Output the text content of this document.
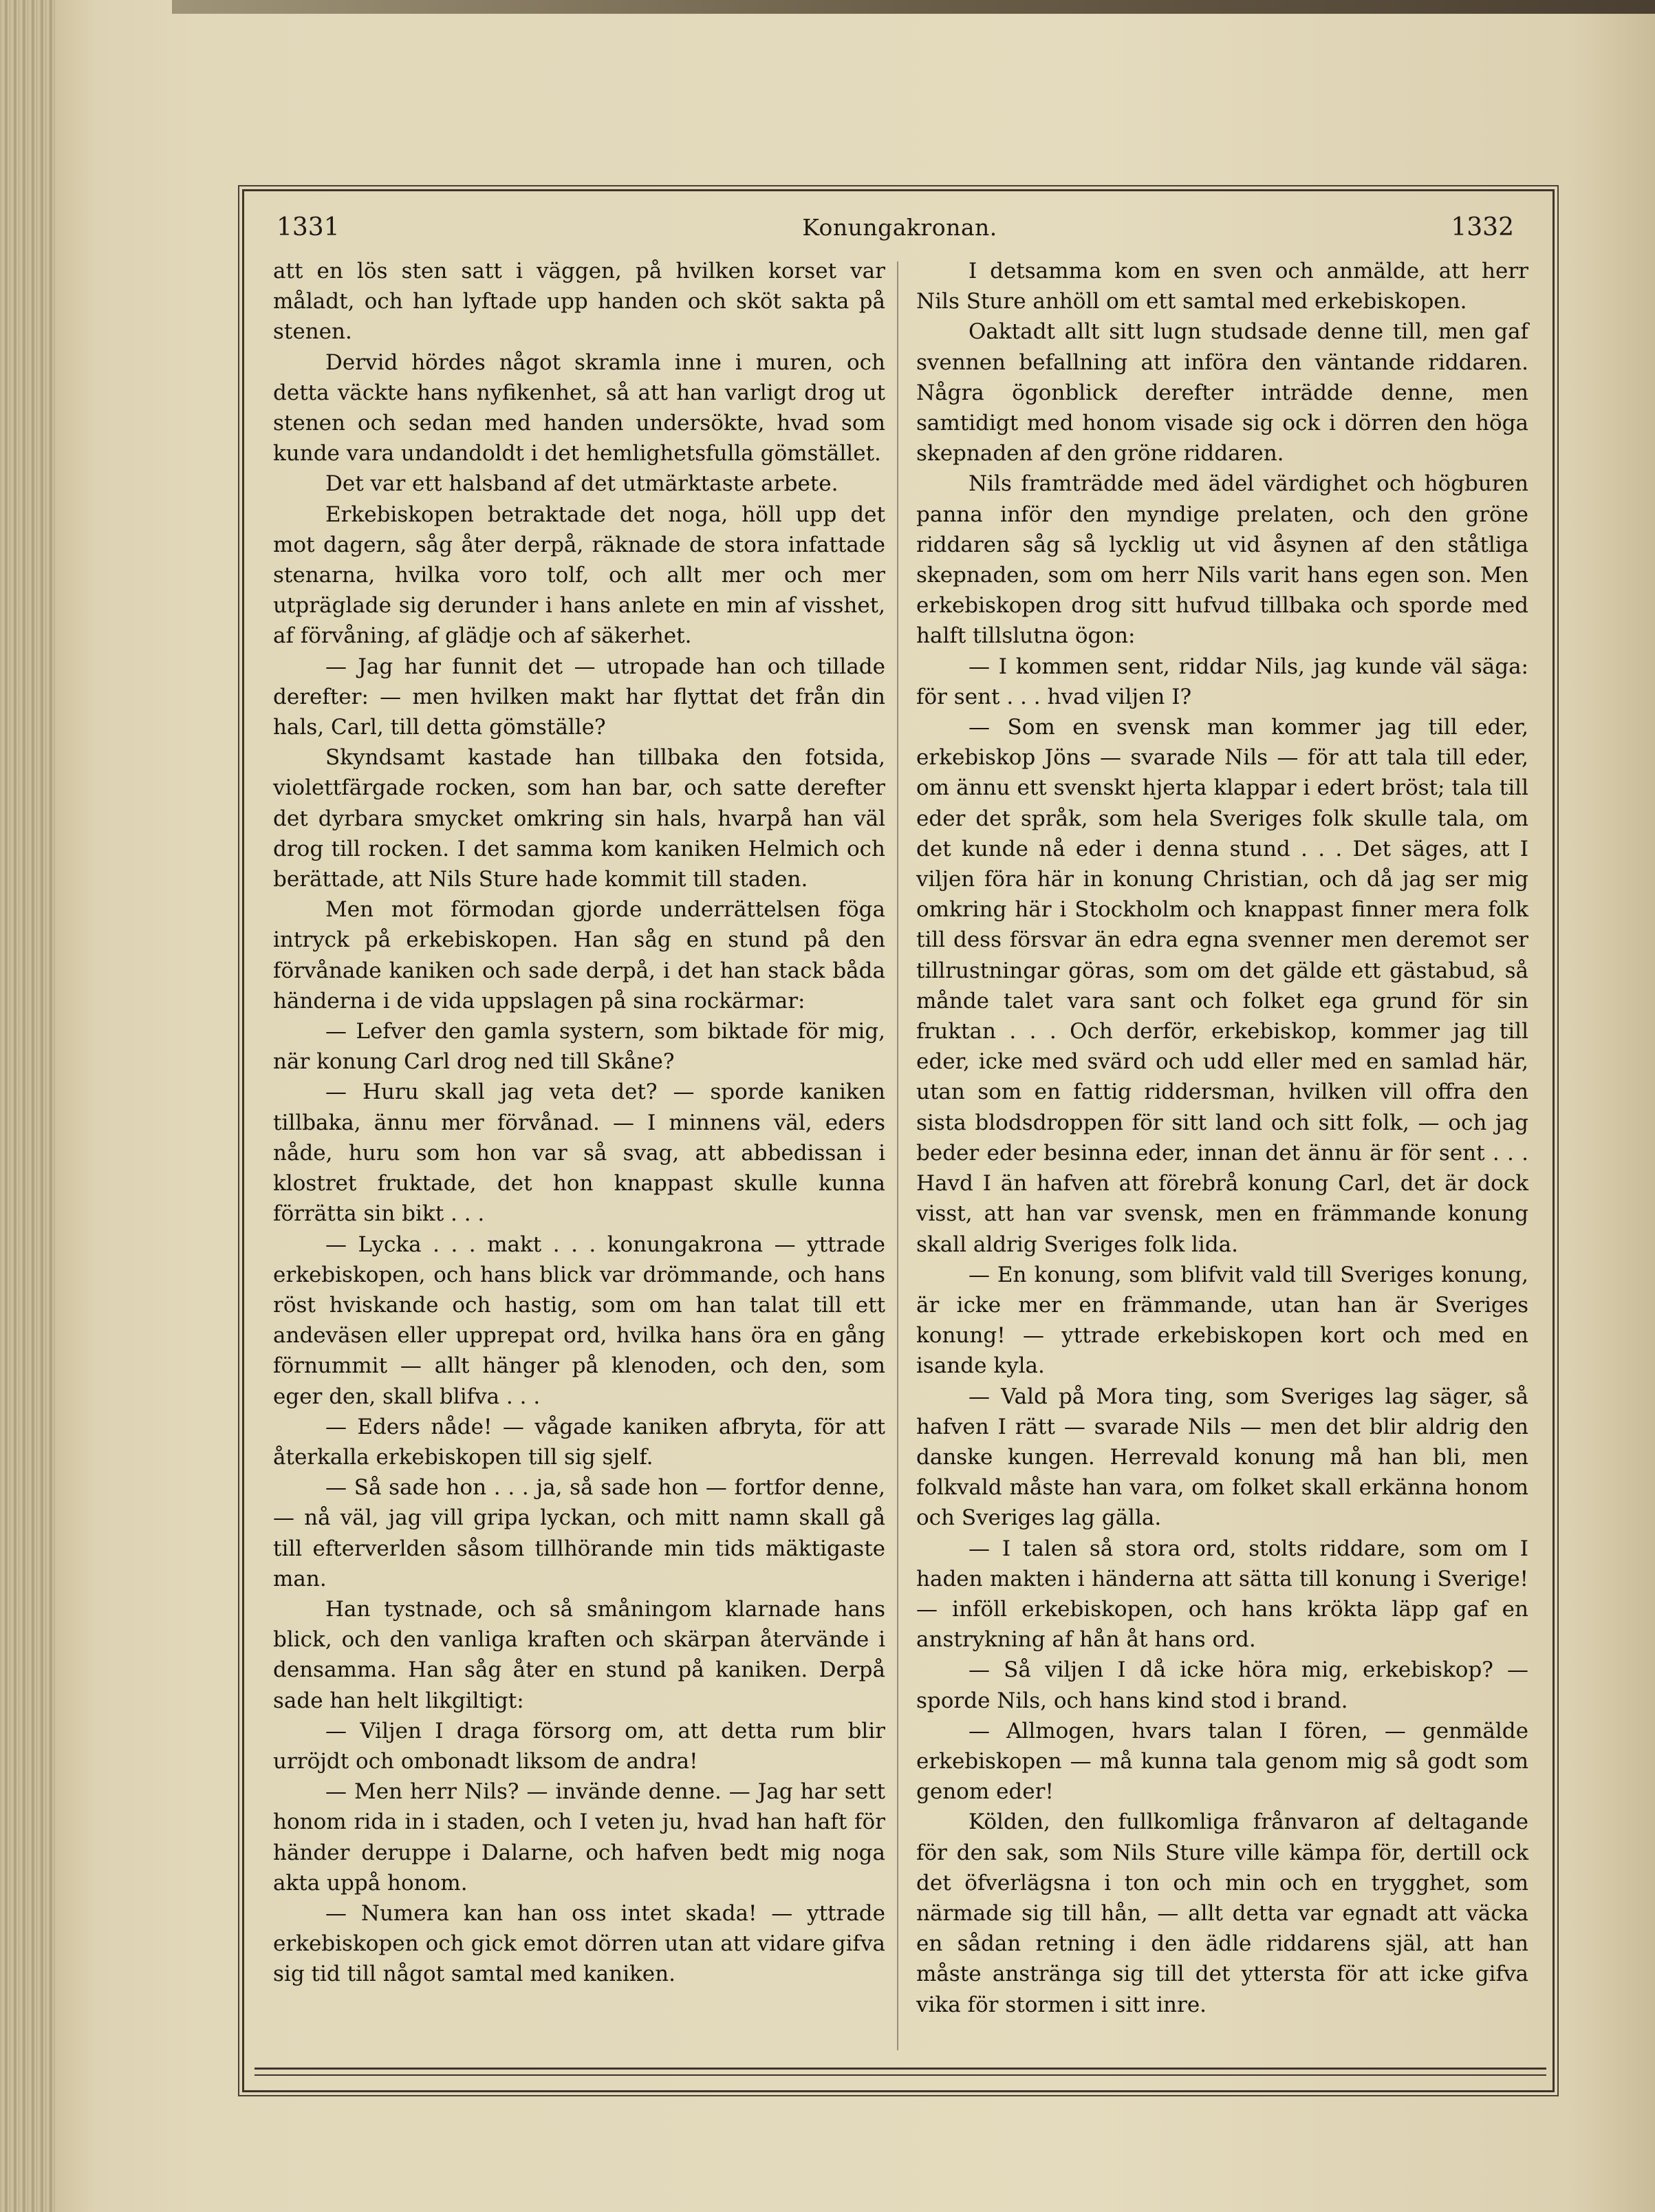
1331	Konungakronan.	1332

att en lös sten satt i väggen, på hvilken korset var måladt, och han lyftade upp handen och sköt sakta på stenen.

Dervid hördes något skramla inne i muren, och detta väckte hans nyfikenhet, så att han varligt drog ut stenen och sedan med handen undersökte, hvad som kunde vara undandoldt i det hemlighetsfulla gömstället.

Det var ett halsband af det utmärktaste arbete.

Erkebiskopen betraktade det noga, höll upp det mot dagern, såg åter derpå, räknade de stora infattade stenarna, hvilka voro tolf, och allt mer och mer utpräglade sig derunder i hans anlete en min af visshet, af förvåning, af glädje och af säkerhet.

— Jag har funnit det — utropade han och tillade derefter: — men hvilken makt har flyttat det från din hals, Carl, till detta gömställe?

Skyndsamt kastade han tillbaka den fotsida, violettfärgade rocken, som han bar, och satte derefter det dyrbara smycket omkring sin hals, hvarpå han väl drog till rocken. I det samma kom kaniken Helmich och berättade, att Nils Sture hade kommit till staden.

Men mot förmodan gjorde underrättelsen föga intryck på erkebiskopen. Han såg en stund på den förvånade kaniken och sade derpå, i det han stack båda händerna i de vida uppslagen på sina rockärmar:

— Lefver den gamla systern, som biktade för mig, när konung Carl drog ned till Skåne?

— Huru skall jag veta det? — sporde kaniken tillbaka, ännu mer förvånad. — I minnens väl, eders nåde, huru som hon var så svag, att abbedissan i klostret fruktade, det hon knappast skulle kunna förrätta sin bikt . . .

— Lycka . . . makt . . . konungakrona — yttrade erkebiskopen, och hans blick var drömmande, och hans röst hviskande och hastig, som om han talat till ett andeväsen eller upprepat ord, hvilka hans öra en gång förnummit — allt hänger på klenoden, och den, som eger den, skall blifva . . .

— Eders nåde! — vågade kaniken afbryta, för att återkalla erkebiskopen till sig sjelf.

— Så sade hon . . . ja, så sade hon — fortfor denne, — nå väl, jag vill gripa lyckan, och mitt namn skall gå till efterverlden såsom tillhörande min tids mäktigaste man.

Han tystnade, och så småningom klarnade hans blick, och den vanliga kraften och skärpan återvände i densamma. Han såg åter en stund på kaniken. Derpå sade han helt likgiltigt:

— Viljen I draga försorg om, att detta rum blir urröjdt och ombonadt liksom de andra!

— Men herr Nils? — invände denne. — Jag har sett honom rida in i staden, och I veten ju, hvad han haft för händer deruppe i Dalarne, och hafven bedt mig noga akta uppå honom.

— Numera kan han oss intet skada! — yttrade erkebiskopen och gick emot dörren utan att vidare gifva sig tid till något samtal med kaniken.

I detsamma kom en sven och anmälde, att herr Nils Sture anhöll om ett samtal med erkebiskopen.

Oaktadt allt sitt lugn studsade denne till, men gaf svennen befallning att införa den väntande riddaren. Några ögonblick derefter inträdde denne, men samtidigt med honom visade sig ock i dörren den höga skepnaden af den gröne riddaren.

Nils framträdde med ädel värdighet och högburen panna inför den myndige prelaten, och den gröne riddaren såg så lycklig ut vid åsynen af den ståtliga skepnaden, som om herr Nils varit hans egen son. Men erkebiskopen drog sitt hufvud tillbaka och sporde med halft tillslutna ögon:

— I kommen sent, riddar Nils, jag kunde väl säga: för sent . . . hvad viljen I?

— Som en svensk man kommer jag till eder, erkebiskop Jöns — svarade Nils — för att tala till eder, om ännu ett svenskt hjerta klappar i edert bröst; tala till eder det språk, som hela Sveriges folk skulle tala, om det kunde nå eder i denna stund . . . Det säges, att I viljen föra här in konung Christian, och då jag ser mig omkring här i Stockholm och knappast finner mera folk till dess försvar än edra egna svenner men deremot ser tillrustningar göras, som om det gälde ett gästabud, så månde talet vara sant och folket ega grund för sin fruktan . . . Och derför, erkebiskop, kommer jag till eder, icke med svärd och udd eller med en samlad här, utan som en fattig riddersman, hvilken vill offra den sista blodsdroppen för sitt land och sitt folk, — och jag beder eder besinna eder, innan det ännu är för sent . . . Havd I än hafven att förebrå konung Carl, det är dock visst, att han var svensk, men en främmande konung skall aldrig Sveriges folk lida.

— En konung, som blifvit vald till Sveriges konung, är icke mer en främmande, utan han är Sveriges konung! — yttrade erkebiskopen kort och med en isande kyla.

— Vald på Mora ting, som Sveriges lag säger, så hafven I rätt — svarade Nils — men det blir aldrig den danske kungen. Herrevald konung må han bli, men folkvald måste han vara, om folket skall erkänna honom och Sveriges lag gälla.

— I talen så stora ord, stolts riddare, som om I haden makten i händerna att sätta till konung i Sverige! — inföll erkebiskopen, och hans krökta läpp gaf en anstrykning af hån åt hans ord.

— Så viljen I då icke höra mig, erkebiskop? — sporde Nils, och hans kind stod i brand.

— Allmogen, hvars talan I fören, — genmälde erkebiskopen — må kunna tala genom mig så godt som genom eder!

Kölden, den fullkomliga frånvaron af deltagande för den sak, som Nils Sture ville kämpa för, dertill ock det öfverlägsna i ton och min och en trygghet, som närmade sig till hån, — allt detta var egnadt att väcka en sådan retning i den ädle riddarens själ, att han måste anstränga sig till det yttersta för att icke gifva vika för stormen i sitt inre.
